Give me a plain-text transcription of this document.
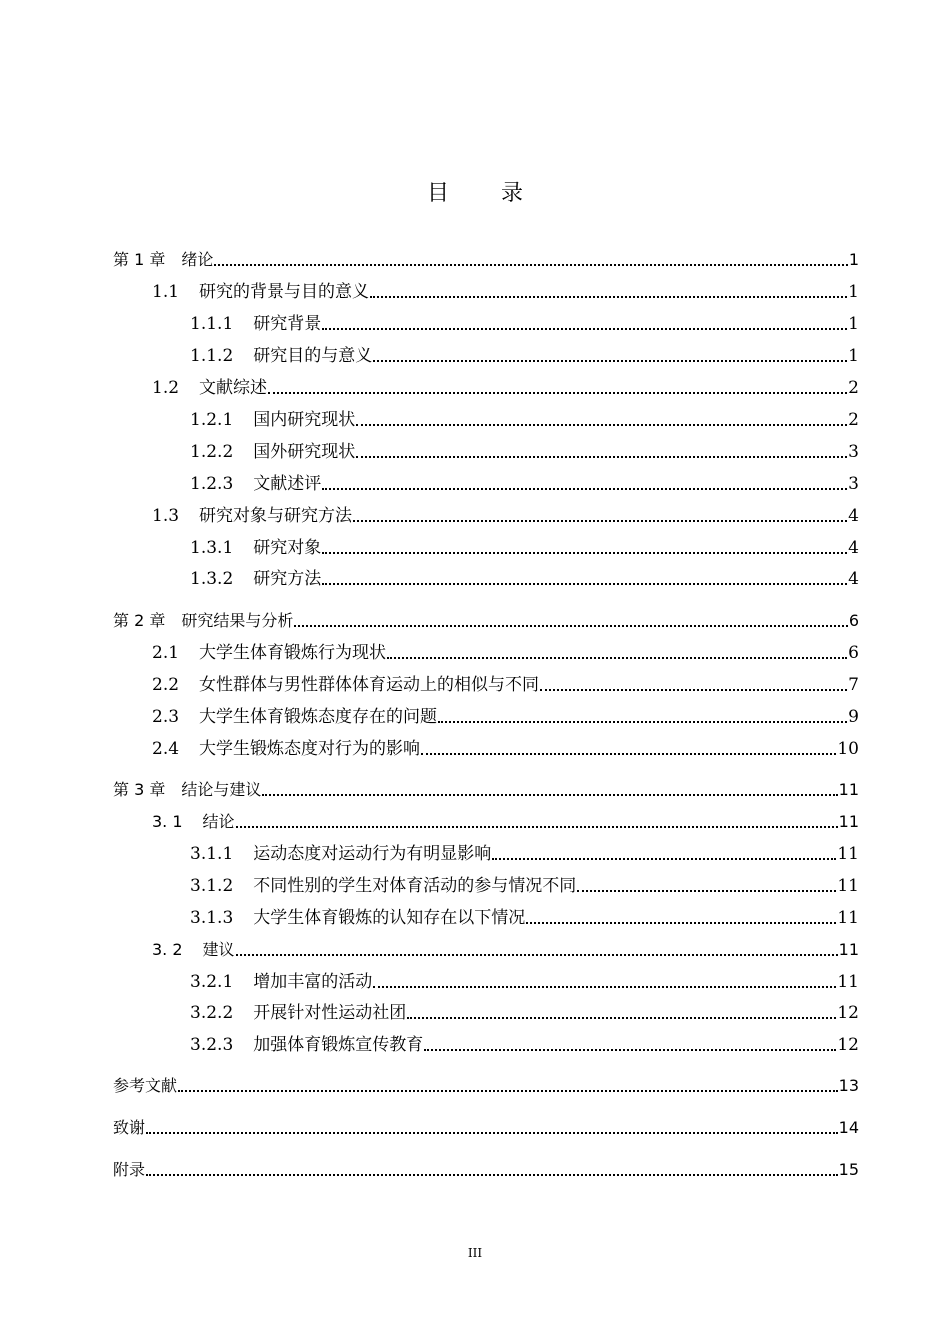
目 录
第 1 章 绪论	1
1.1 研究的背景与目的意义	1
1.1.1 研究背景	1
1.1.2 研究目的与意义	1
1.2 文献综述	2
1.2.1 国内研究现状	2
1.2.2 国外研究现状	3
1.2.3 文献述评	3
1.3 研究对象与研究方法	4
1.3.1 研究对象	4
1.3.2 研究方法	4
第 2 章 研究结果与分析	6
2.1 大学生体育锻炼行为现状	6
2.2 女性群体与男性群体体育运动上的相似与不同	7
2.3 大学生体育锻炼态度存在的问题	9
2.4 大学生锻炼态度对行为的影响	10
第 3 章 结论与建议	11
3. 1 结论	11
3.1.1 运动态度对运动行为有明显影响	11
3.1.2 不同性别的学生对体育活动的参与情况不同	11
3.1.3 大学生体育锻炼的认知存在以下情况	11
3. 2 建议	11
3.2.1 增加丰富的活动	11
3.2.2 开展针对性运动社团	12
3.2.3 加强体育锻炼宣传教育	12
参考文献	13
致谢	14
附录	15
III
